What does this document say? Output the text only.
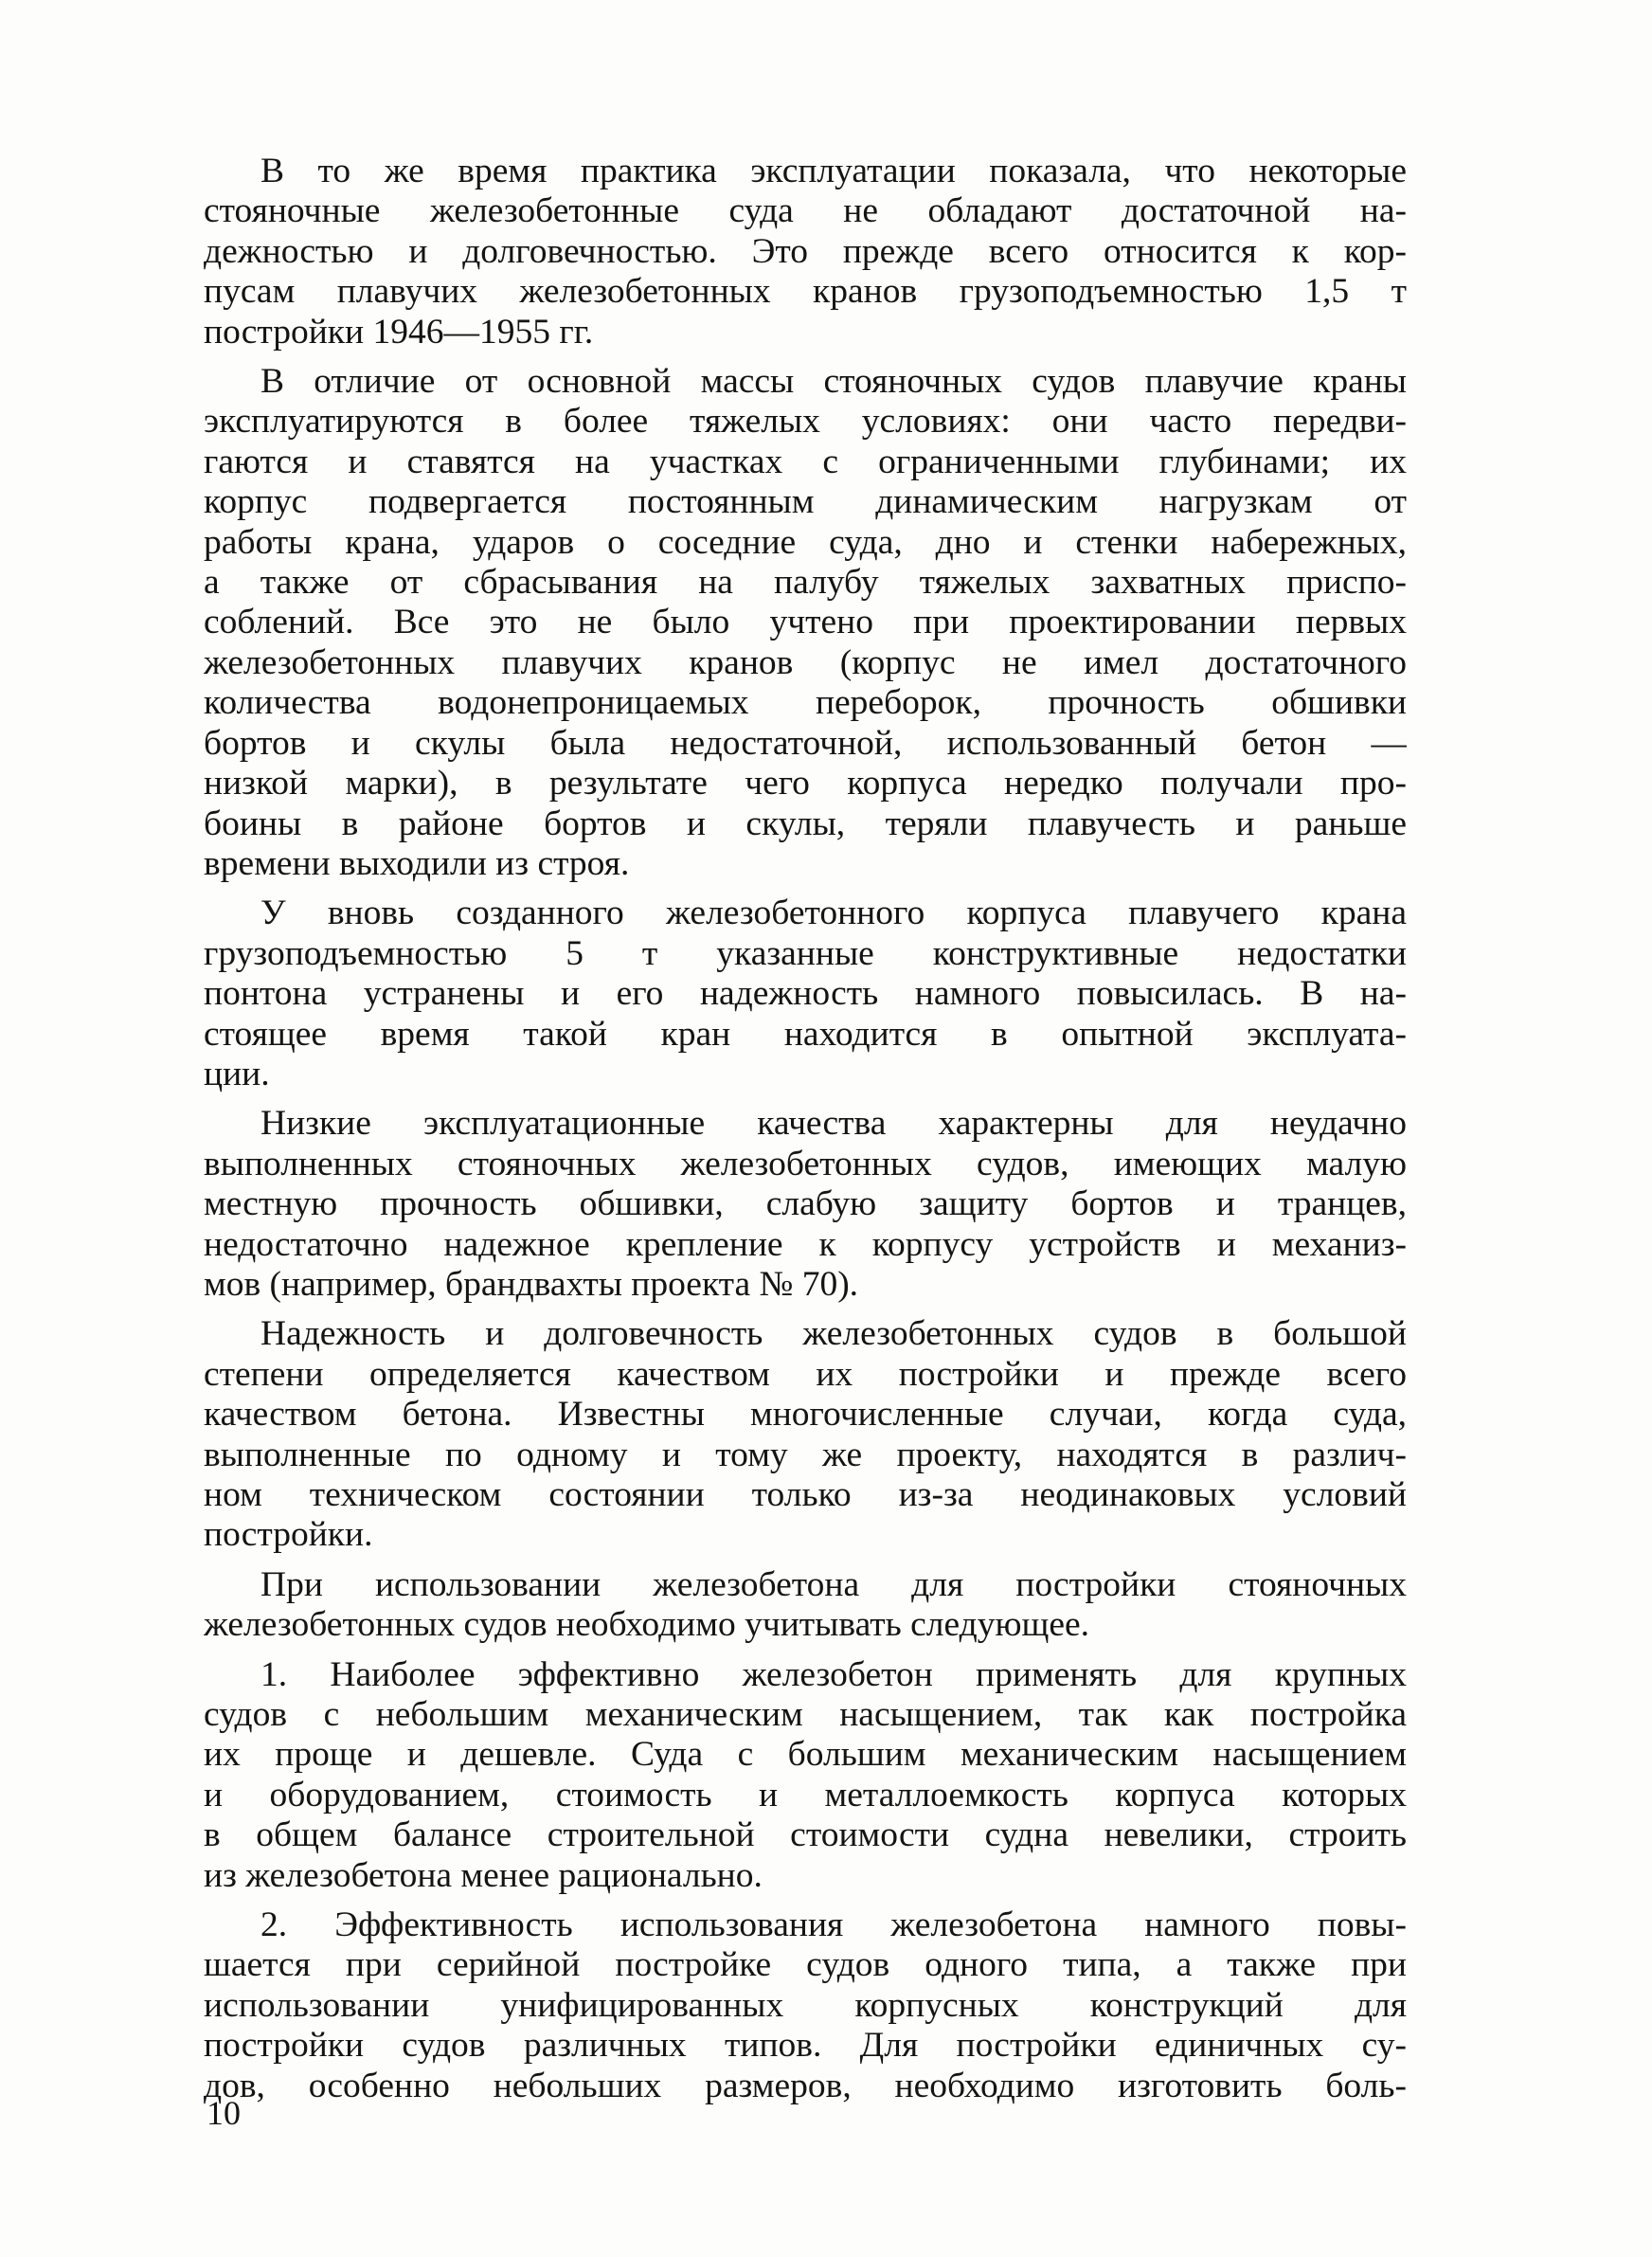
В то же время практика эксплуатации показала, что некоторые
стояночные железобетонные суда не обладают достаточной на-
дежностью и долговечностью. Это прежде всего относится к кор-
пусам плавучих железобетонных кранов грузоподъемностью 1,5 т
постройки 1946—1955 гг.

В отличие от основной массы стояночных судов плавучие краны
эксплуатируются в более тяжелых условиях: они часто передви-
гаются и ставятся на участках с ограниченными глубинами; их
корпус подвергается постоянным динамическим нагрузкам от
работы крана, ударов о соседние суда, дно и стенки набережных,
а также от сбрасывания на палубу тяжелых захватных приспо-
соблений. Все это не было учтено при проектировании первых
железобетонных плавучих кранов (корпус не имел достаточного
количества водонепроницаемых переборок, прочность обшивки
бортов и скулы была недостаточной, использованный бетон —
низкой марки), в результате чего корпуса нередко получали про-
боины в районе бортов и скулы, теряли плавучесть и раньше
времени выходили из строя.

У вновь созданного железобетонного корпуса плавучего крана
грузоподъемностью 5 т указанные конструктивные недостатки
понтона устранены и его надежность намного повысилась. В на-
стоящее время такой кран находится в опытной эксплуата-
ции.

Низкие эксплуатационные качества характерны для неудачно
выполненных стояночных железобетонных судов, имеющих малую
местную прочность обшивки, слабую защиту бортов и транцев,
недостаточно надежное крепление к корпусу устройств и механиз-
мов (например, брандвахты проекта № 70).

Надежность и долговечность железобетонных судов в большой
степени определяется качеством их постройки и прежде всего
качеством бетона. Известны многочисленные случаи, когда суда,
выполненные по одному и тому же проекту, находятся в различ-
ном техническом состоянии только из-за неодинаковых условий
постройки.

При использовании железобетона для постройки стояночных
железобетонных судов необходимо учитывать следующее.

1. Наиболее эффективно железобетон применять для крупных
судов с небольшим механическим насыщением, так как постройка
их проще и дешевле. Суда с большим механическим насыщением
и оборудованием, стоимость и металлоемкость корпуса которых
в общем балансе строительной стоимости судна невелики, строить
из железобетона менее рационально.

2. Эффективность использования железобетона намного повы-
шается при серийной постройке судов одного типа, а также при
использовании унифицированных корпусных конструкций для
постройки судов различных типов. Для постройки единичных су-
дов, особенно небольших размеров, необходимо изготовить боль-

10
